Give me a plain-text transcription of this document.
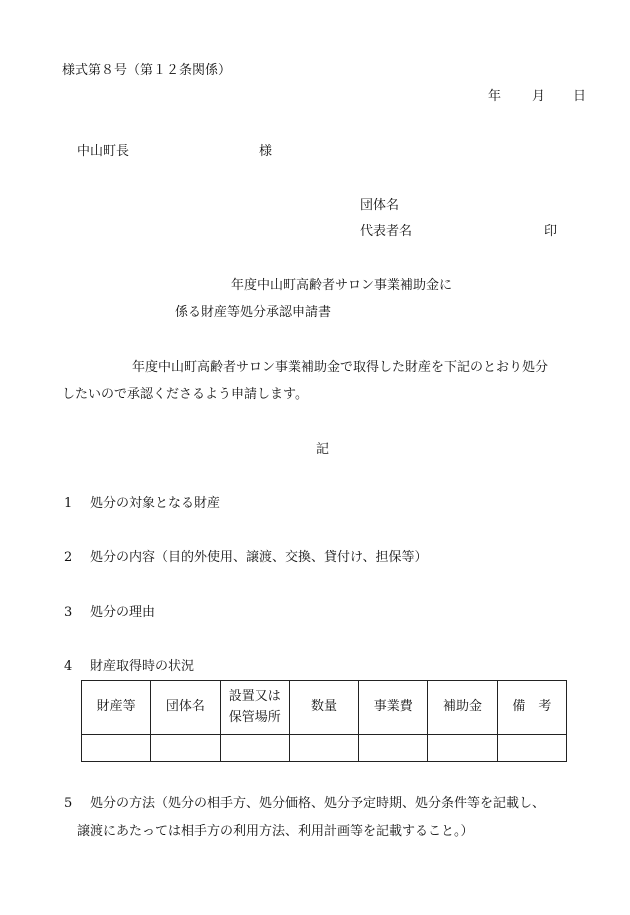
様式第８号（第１２条関係）
年 月 日
中山町長	様
団体名
代表者名	印
年度中山町高齢者サロン事業補助金に
係る財産等処分承認申請書
年度中山町高齢者サロン事業補助金で取得した財産を下記のとおり処分
したいので承認くださるよう申請します。
記
1 処分の対象となる財産
2 処分の内容（目的外使用、譲渡、交換、貸付け、担保等）
3 処分の理由
4 財産取得時の状況
5 処分の方法（処分の相手方、処分価格、処分予定時期、処分条件等を記載し、
譲渡にあたっては相手方の利用方法、利用計画等を記載すること。）
財産等	団体名	設置又は
保管場所	数量	事業費	補助金	備　考
